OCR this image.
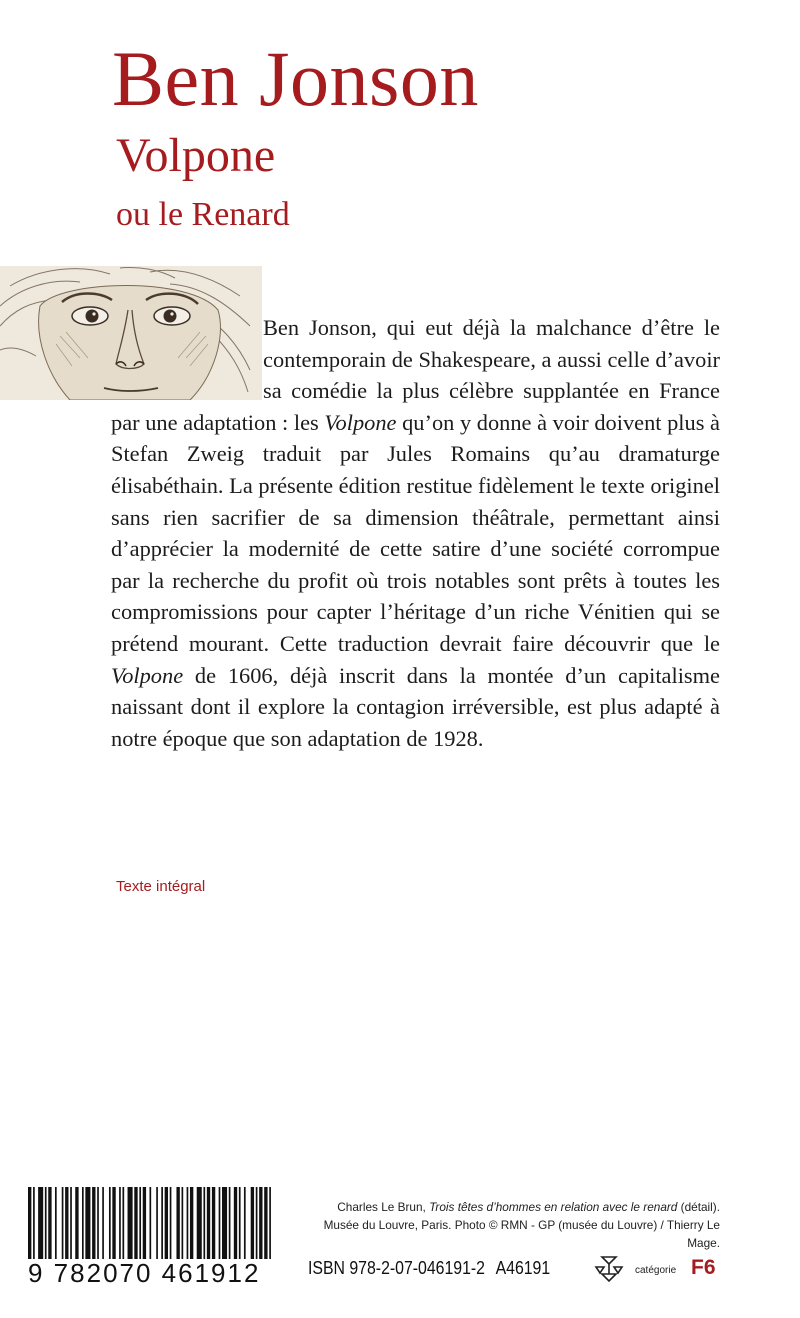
Ben Jonson
Volpone
ou le Renard

Ben Jonson, qui eut déjà la malchance d’être le contemporain de Shakespeare, a aussi celle d’avoir sa comédie la plus célèbre supplantée en France par une adaptation : les Volpone qu’on y donne à voir doivent plus à Stefan Zweig traduit par Jules Romains qu’au dramaturge élisabéthain. La présente édition restitue fidèlement le texte originel sans rien sacrifier de sa dimension théâtrale, permettant ainsi d’apprécier la modernité de cette satire d’une société corrompue par la recherche du profit où trois notables sont prêts à toutes les compromissions pour capter l’héritage d’un riche Vénitien qui se prétend mourant. Cette traduction devrait faire découvrir que le Volpone de 1606, déjà inscrit dans la montée d’un capitalisme naissant dont il explore la contagion irréversible, est plus adapté à notre époque que son adaptation de 1928.

Texte intégral
9 782070 461912
Charles Le Brun, Trois têtes d’hommes en relation avec le renard (détail).
Musée du Louvre, Paris. Photo © RMN - GP (musée du Louvre) / Thierry Le Mage.
ISBN 978-2-07-046191-2 A46191	catégorie F6
